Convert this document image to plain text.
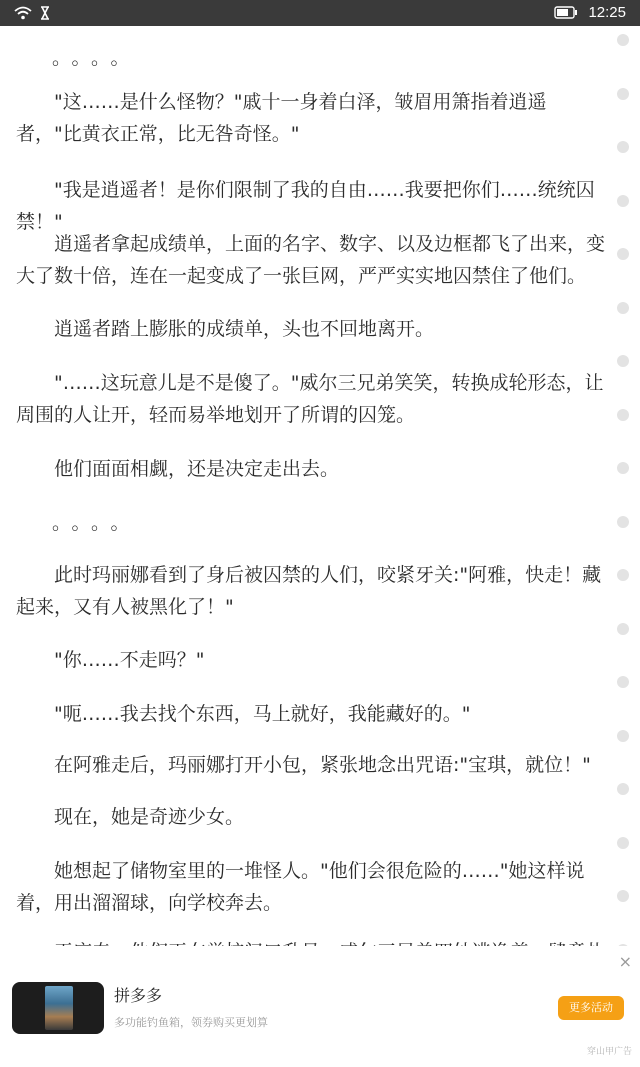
12:25

。。。。

"这……是什么怪物？"戚十一身着白泽，皱眉用箫指着逍遥者，"比黄衣正常，比无咎奇怪。"

"我是逍遥者！是你们限制了我的自由……我要把你们……统统囚禁！"

逍遥者拿起成绩单，上面的名字、数字、以及边框都飞了出来，变大了数十倍，连在一起变成了一张巨网，严严实实地囚禁住了他们。

逍遥者踏上膨胀的成绩单，头也不回地离开。

"……这玩意儿是不是傻了。"威尔三兄弟笑笑，转换成轮形态，让周围的人让开，轻而易举地划开了所谓的囚笼。

他们面面相觑，还是决定走出去。

。。。。

此时玛丽娜看到了身后被囚禁的人们，咬紧牙关:"阿雅，快走！藏起来，又有人被黑化了！"

"你……不走吗？"

"呃……我去找个东西，马上就好，我能藏好的。"

在阿雅走后，玛丽娜打开小包，紧张地念出咒语:"宝琪，就位！"

现在，她是奇迹少女。

她想起了储物室里的一堆怪人。"他们会很危险的……"她这样说着，用出溜溜球，向学校奔去。

×
拼多多
多功能钓鱼箱，领券购买更划算
更多活动
穿山甲广告
